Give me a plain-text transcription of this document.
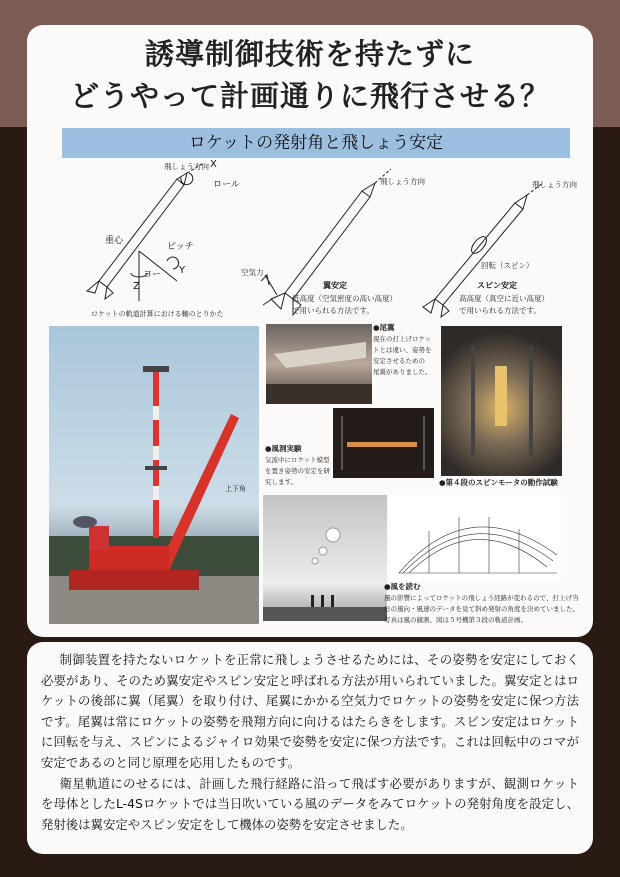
誘導制御技術を持たずに
どうやって計画通りに飛行させる？
ロケットの発射角と飛しょう安定
飛しょう方向 X
ロール
重心
ピッチ
ヨー Y
Z
ロケットの軌道計算における軸のとりかた
飛しょう方向
空気力
翼安定
低高度（空気密度の高い高度）
で用いられる方法です。
飛しょう方向
回転（スピン）
スピン安定
高高度（真空に近い高度）
で用いられる方法です。
上下角
●尾翼
現在の打上げロケッ
トとは違い、姿勢を
安定させるための
尾翼がありました。
●第４段のスピンモータの動作試験
●風洞実験
気流中にロケット模型
を置き姿勢の安定を研
究します。
●風を読む
風の影響によってロケットの飛しょう経路が変わるので、打上げ当
日の風向・風速のデータを見て斜め発射の角度を決めていました。
写真は風の観測、図は５号機第３段の軌道計画。

制御装置を持たないロケットを正常に飛しょうさせるためには、その姿勢を安定にしておく必要があり、そのため翼安定やスピン安定と呼ばれる方法が用いられていました。翼安定とはロケットの後部に翼（尾翼）を取り付け、尾翼にかかる空気力でロケットの姿勢を安定に保つ方法です。尾翼は常にロケットの姿勢を飛翔方向に向けるはたらきをします。スピン安定はロケットに回転を与え、スピンによるジャイロ効果で姿勢を安定に保つ方法です。これは回転中のコマが安定であるのと同じ原理を応用したものです。

衛星軌道にのせるには、計画した飛行経路に沿って飛ばす必要がありますが、観測ロケットを母体としたL-4Sロケットでは当日吹いている風のデータをみてロケットの発射角度を設定し、発射後は翼安定やスピン安定をして機体の姿勢を安定させました。
